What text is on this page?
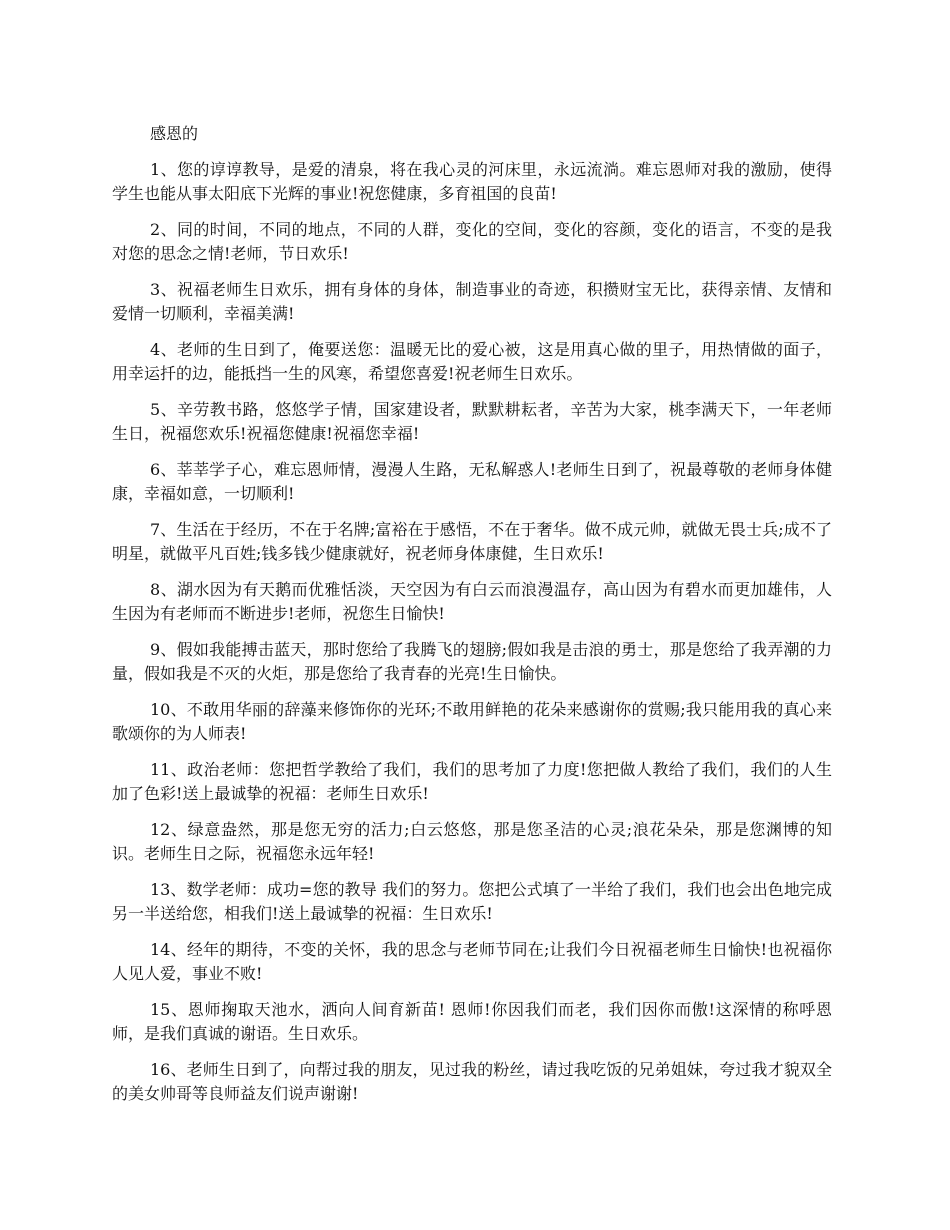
感恩的

1、您的谆谆教导，是爱的清泉，将在我心灵的河床里，永远流淌。难忘恩师对我的激励，使得学生也能从事太阳底下光辉的事业!祝您健康，多育祖国的良苗!

2、同的时间，不同的地点，不同的人群，变化的空间，变化的容颜，变化的语言，不变的是我对您的思念之情!老师，节日欢乐!

3、祝福老师生日欢乐，拥有身体的身体，制造事业的奇迹，积攒财宝无比，获得亲情、友情和爱情一切顺利，幸福美满!

4、老师的生日到了，俺要送您：温暖无比的爱心被，这是用真心做的里子，用热情做的面子，用幸运扦的边，能抵挡一生的风寒，希望您喜爱!祝老师生日欢乐。

5、辛劳教书路，悠悠学子情，国家建设者，默默耕耘者，辛苦为大家，桃李满天下，一年老师生日，祝福您欢乐!祝福您健康!祝福您幸福!

6、莘莘学子心，难忘恩师情，漫漫人生路，无私解惑人!老师生日到了，祝最尊敬的老师身体健康，幸福如意，一切顺利!

7、生活在于经历，不在于名牌;富裕在于感悟，不在于奢华。做不成元帅，就做无畏士兵;成不了明星，就做平凡百姓;钱多钱少健康就好，祝老师身体康健，生日欢乐!

8、湖水因为有天鹅而优雅恬淡，天空因为有白云而浪漫温存，高山因为有碧水而更加雄伟，人生因为有老师而不断进步!老师，祝您生日愉快!

9、假如我能搏击蓝天，那时您给了我腾飞的翅膀;假如我是击浪的勇士，那是您给了我弄潮的力量，假如我是不灭的火炬，那是您给了我青春的光亮!生日愉快。

10、不敢用华丽的辞藻来修饰你的光环;不敢用鲜艳的花朵来感谢你的赏赐;我只能用我的真心来歌颂你的为人师表!

11、政治老师：您把哲学教给了我们，我们的思考加了力度!您把做人教给了我们，我们的人生加了色彩!送上最诚挚的祝福：老师生日欢乐!

12、绿意盎然，那是您无穷的活力;白云悠悠，那是您圣洁的心灵;浪花朵朵，那是您渊博的知识。老师生日之际，祝福您永远年轻!

13、数学老师：成功=您的教导 我们的努力。您把公式填了一半给了我们，我们也会出色地完成另一半送给您，相我们!送上最诚挚的祝福：生日欢乐!

14、经年的期待，不变的关怀，我的思念与老师节同在;让我们今日祝福老师生日愉快!也祝福你人见人爱，事业不败!

15、恩师掬取天池水，洒向人间育新苗! 恩师!你因我们而老，我们因你而傲!这深情的称呼恩师，是我们真诚的谢语。生日欢乐。

16、老师生日到了，向帮过我的朋友，见过我的粉丝，请过我吃饭的兄弟姐妹，夸过我才貌双全的美女帅哥等良师益友们说声谢谢!
